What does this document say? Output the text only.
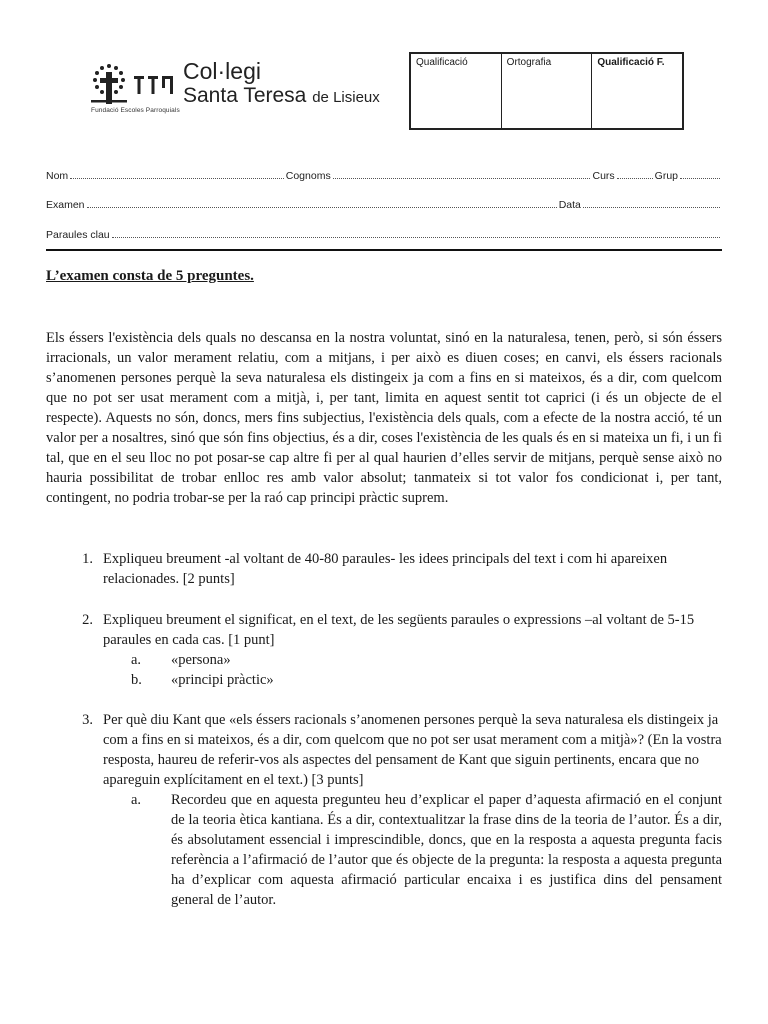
Fundació Escoles Parroquials
Col·legi
Santa Teresa de Lisieux
Qualificació	Ortografia	Qualificació F.
Nom	Cognoms	Curs	Grup
Examen	Data
Paraules clau
L’examen consta de 5 preguntes.
Els éssers l'existència dels quals no descansa en la nostra voluntat, sinó en la naturalesa, tenen, però, si són éssers irracionals, un valor merament relatiu, com a mitjans, i per això es diuen coses; en canvi, els éssers racionals s’anomenen persones perquè la seva naturalesa els distingeix ja com a fins en si mateixos, és a dir, com quelcom que no pot ser usat merament com a mitjà, i, per tant, limita en aquest sentit tot caprici (i és un objecte de el respecte). Aquests no són, doncs, mers fins subjectius, l'existència dels quals, com a efecte de la nostra acció, té un valor per a nosaltres, sinó que són fins objectius, és a dir, coses l'existència de les quals és en si mateixa un fi, i un fi tal, que en el seu lloc no pot posar-se cap altre fi per al qual haurien d’elles servir de mitjans, perquè sense això no hauria possibilitat de trobar enlloc res amb valor absolut; tanmateix si tot valor fos condicionat i, per tant, contingent, no podria trobar-se per la raó cap principi pràctic suprem.
1. Expliqueu breument -al voltant de 40-80 paraules- les idees principals del text i com hi apareixen relacionades. [2 punts]
2. Expliqueu breument el significat, en el text, de les següents paraules o expressions –al voltant de 5-15 paraules en cada cas. [1 punt]
a.	«persona»
b.	«principi pràctic»
3. Per què diu Kant que «els éssers racionals s’anomenen persones perquè la seva naturalesa els distingeix ja com a fins en si mateixos, és a dir, com quelcom que no pot ser usat merament com a mitjà»? (En la vostra resposta, haureu de referir-vos als aspectes del pensament de Kant que siguin pertinents, encara que no apareguin explícitament en el text.) [3 punts]
a.	Recordeu que en aquesta pregunteu heu d’explicar el paper d’aquesta afirmació en el conjunt de la teoria ètica kantiana. És a dir, contextualitzar la frase dins de la teoria de l’autor. És a dir, és absolutament essencial i imprescindible, doncs, que en la resposta a aquesta pregunta facis referència a l’afirmació de l’autor que és objecte de la pregunta: la resposta a aquesta pregunta ha d’explicar com aquesta afirmació particular encaixa i es justifica dins del pensament general de l’autor.
